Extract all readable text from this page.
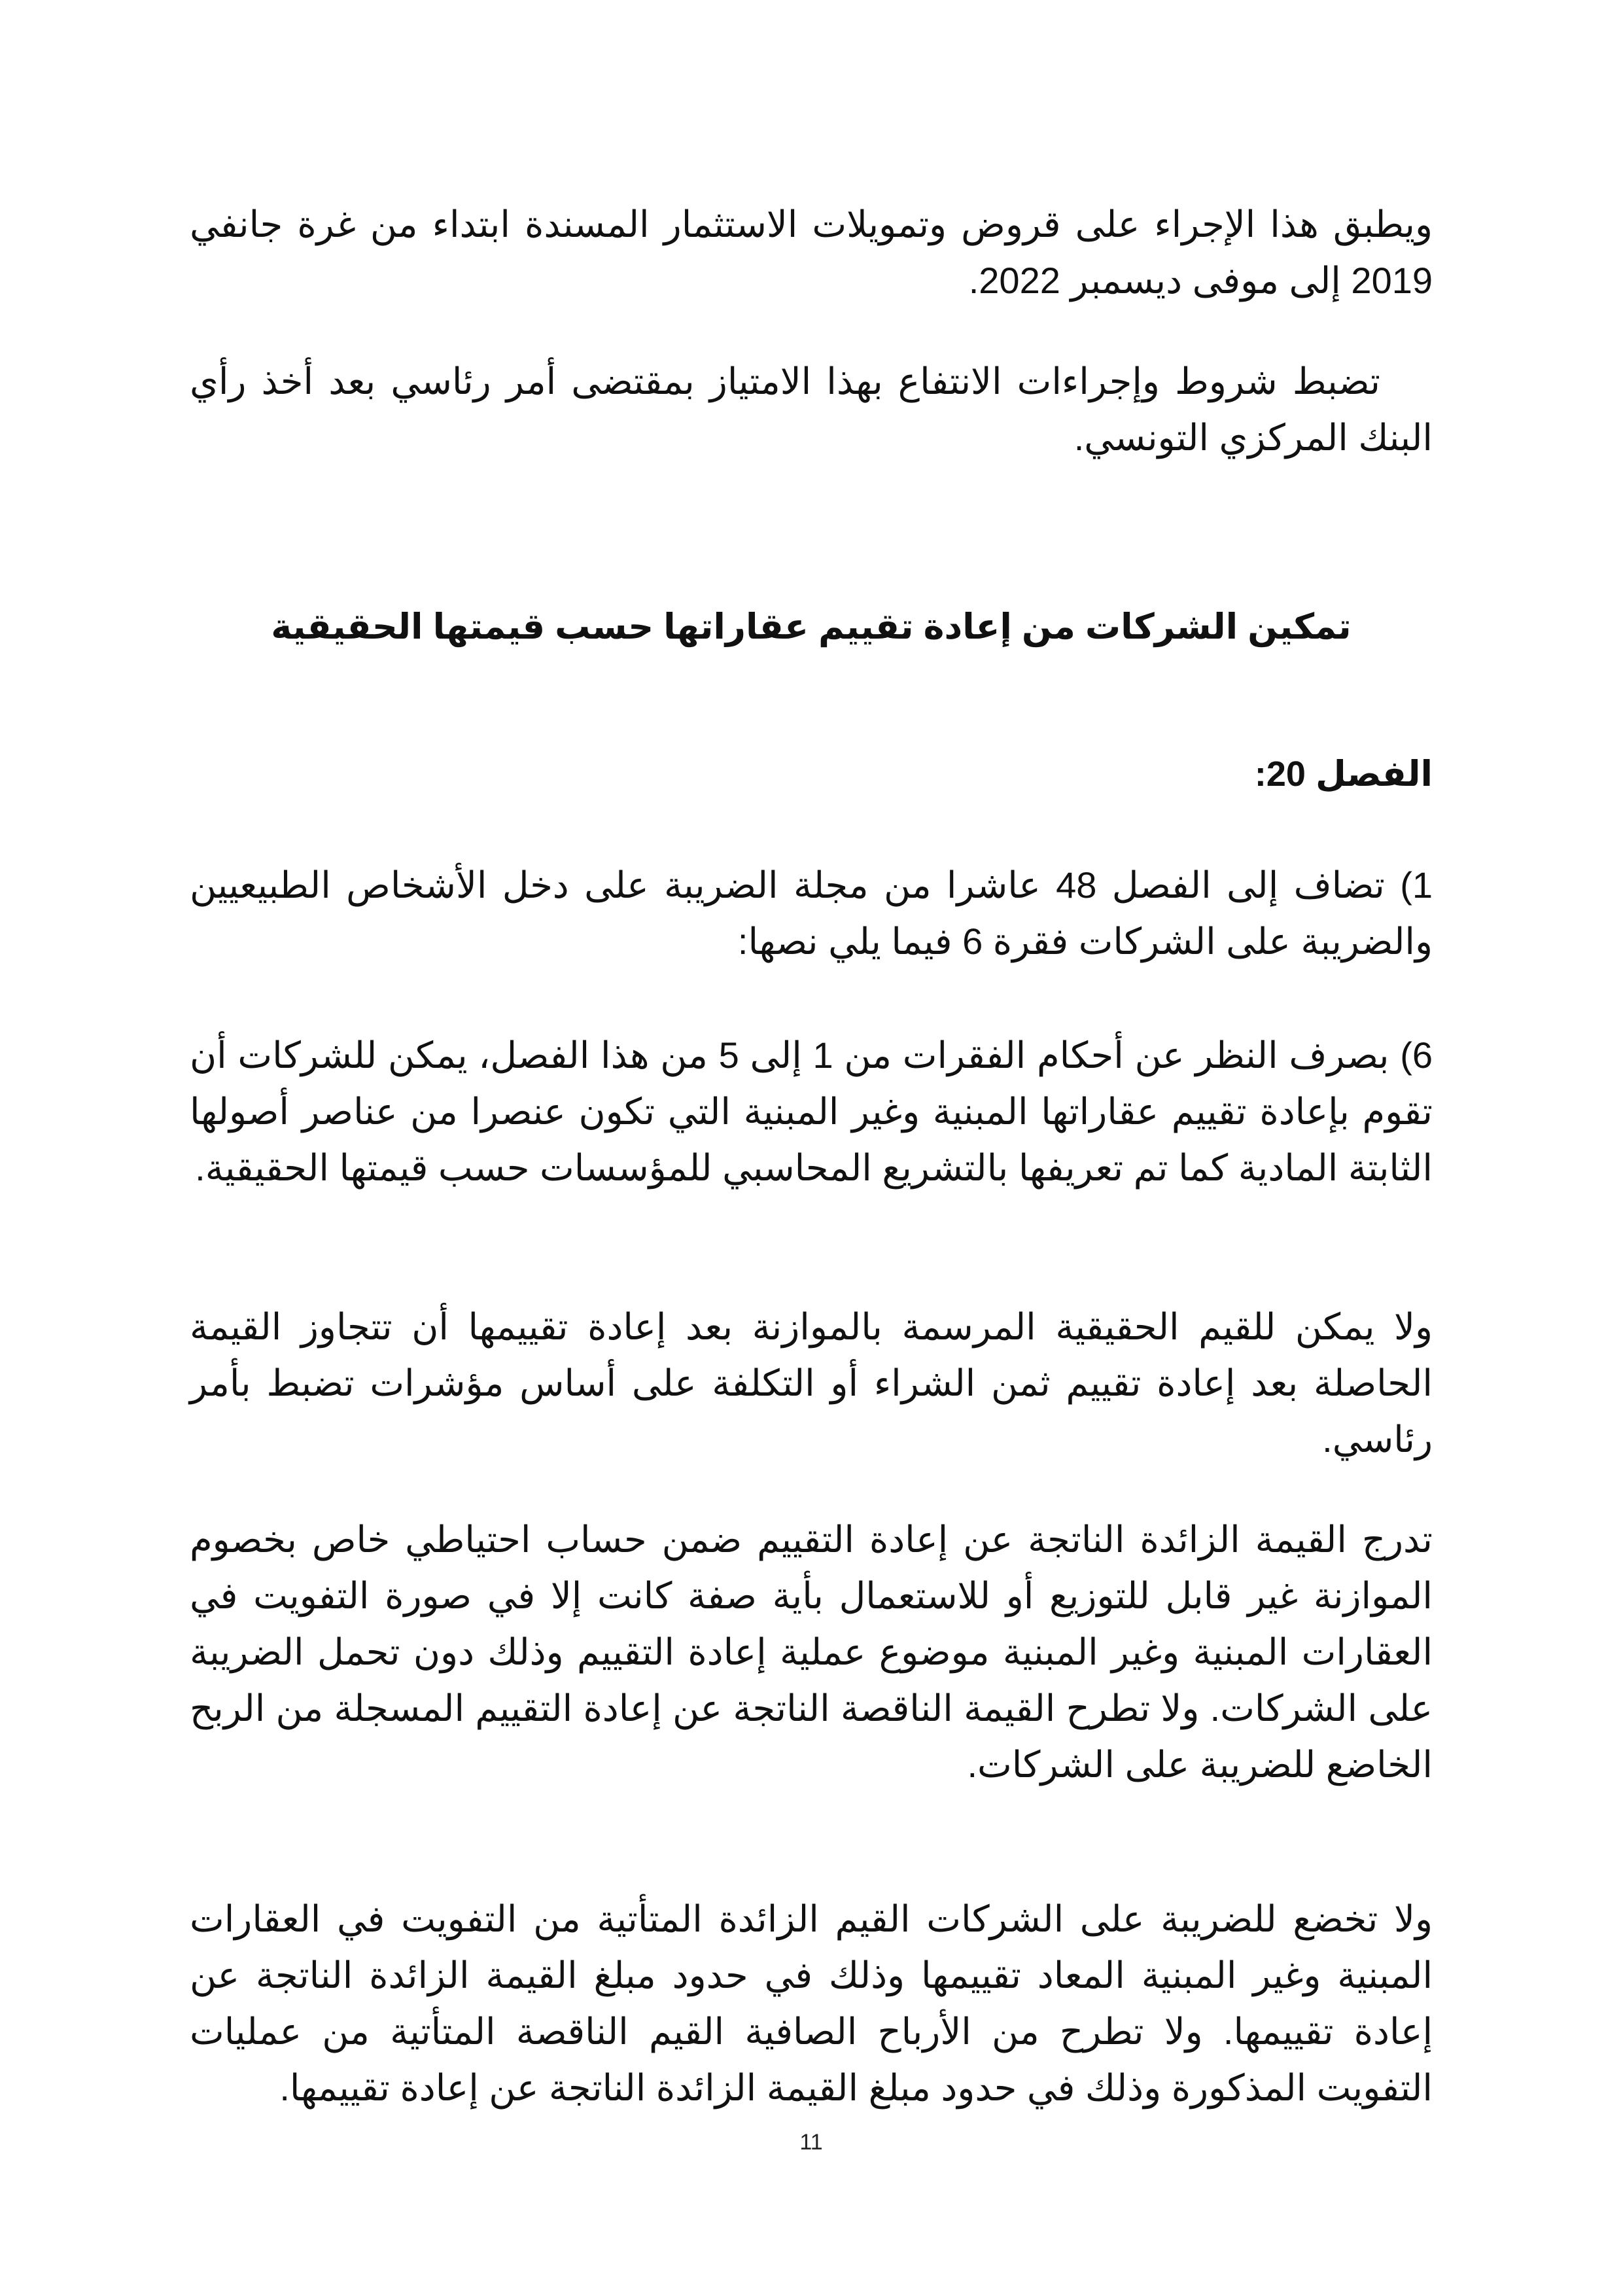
ويطبق هذا الإجراء على قروض وتمويلات الاستثمار المسندة ابتداء من غرة جانفي 2019 إلى موفى ديسمبر 2022.

تضبط شروط وإجراءات الانتفاع بهذا الامتياز بمقتضى أمر رئاسي بعد أخذ رأي البنك المركزي التونسي.

تمكين الشركات من إعادة تقييم عقاراتها حسب قيمتها الحقيقية
الفصل 20:

1) تضاف إلى الفصل 48 عاشرا من مجلة الضريبة على دخل الأشخاص الطبيعيين والضريبة على الشركات فقرة 6 فيما يلي نصها:

6) بصرف النظر عن أحكام الفقرات من 1 إلى 5 من هذا الفصل، يمكن للشركات أن تقوم بإعادة تقييم عقاراتها المبنية وغير المبنية التي تكون عنصرا من عناصر أصولها الثابتة المادية كما تم تعريفها بالتشريع المحاسبي للمؤسسات حسب قيمتها الحقيقية.

ولا يمكن للقيم الحقيقية المرسمة بالموازنة بعد إعادة تقييمها أن تتجاوز القيمة الحاصلة بعد إعادة تقييم ثمن الشراء أو التكلفة على أساس مؤشرات تضبط بأمر رئاسي.

تدرج القيمة الزائدة الناتجة عن إعادة التقييم ضمن حساب احتياطي خاص بخصوم الموازنة غير قابل للتوزيع أو للاستعمال بأية صفة كانت إلا في صورة التفويت في العقارات المبنية وغير المبنية موضوع عملية إعادة التقييم وذلك دون تحمل الضريبة على الشركات. ولا تطرح القيمة الناقصة الناتجة عن إعادة التقييم المسجلة من الربح الخاضع للضريبة على الشركات.

ولا تخضع للضريبة على الشركات القيم الزائدة المتأتية من التفويت في العقارات المبنية وغير المبنية المعاد تقييمها وذلك في حدود مبلغ القيمة الزائدة الناتجة عن إعادة تقييمها. ولا تطرح من الأرباح الصافية القيم الناقصة المتأتية من عمليات التفويت المذكورة وذلك في حدود مبلغ القيمة الزائدة الناتجة عن إعادة تقييمها.

11
